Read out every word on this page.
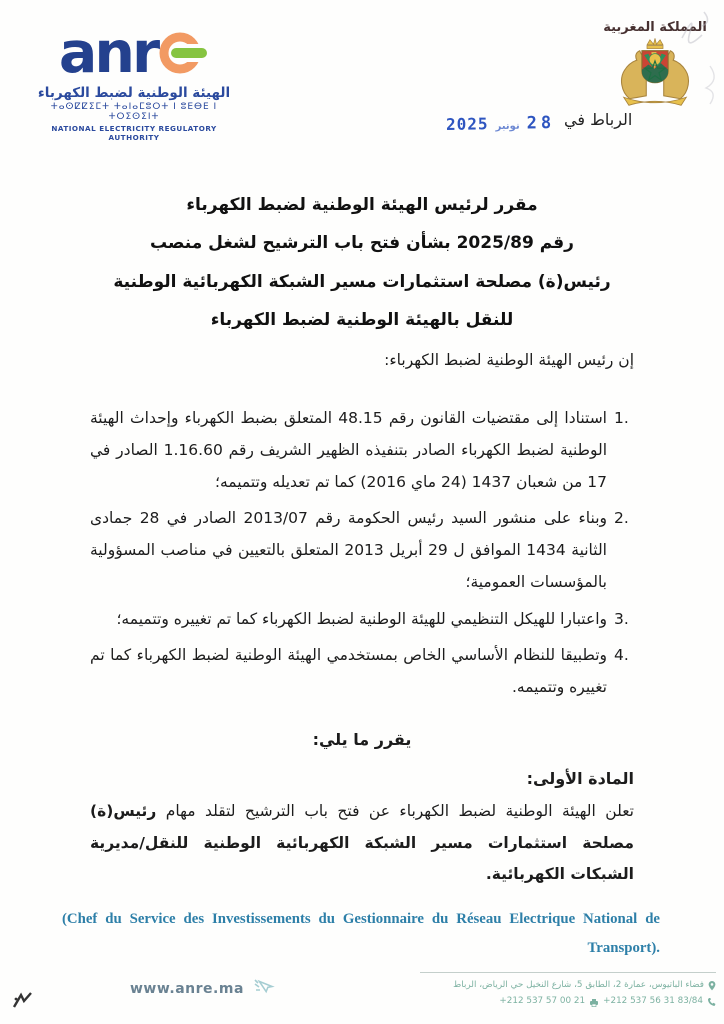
anr
الهيئة الوطنية لضبط الكهرباء
ⵜⴰⵙⵇⵇⵉⵎⵜ ⵜⴰⵏⴰⵎⵓⵔⵜ ⵏ ⵓⴹⴱⴹ ⵏ ⵜⵔⵉⵙⵉⵏⵜ
NATIONAL ELECTRICITY REGULATORY AUTHORITY
المملكة المغربية
الرباط في
28
نونبر
2025
مقرر لرئيس الهيئة الوطنية لضبط الكهرباء
رقم 2025/89 بشأن فتح باب الترشيح لشغل منصب
رئيس(ة) مصلحة استثمارات مسير الشبكة الكهربائية الوطنية للنقل بالهيئة الوطنية لضبط الكهرباء
إن رئيس الهيئة الوطنية لضبط الكهرباء:
1.
استنادا إلى مقتضيات القانون رقم 48.15 المتعلق بضبط الكهرباء وإحداث الهيئة الوطنية لضبط الكهرباء الصادر بتنفيذه الظهير الشريف رقم 1.16.60 الصادر في 17 من شعبان 1437 (24 ماي 2016) كما تم تعديله وتتميمه؛
2.
وبناء على منشور السيد رئيس الحكومة رقم 2013/07 الصادر في 28 جمادى الثانية 1434 الموافق ل 29 أبريل 2013 المتعلق بالتعيين في مناصب المسؤولية بالمؤسسات العمومية؛
3.
واعتبارا للهيكل التنظيمي للهيئة الوطنية لضبط الكهرباء كما تم تغييره وتتميمه؛
4.
وتطبيقا للنظام الأساسي الخاص بمستخدمي الهيئة الوطنية لضبط الكهرباء كما تم تغييره وتتميمه.
يقرر ما يلي:
المادة الأولى:

تعلن الهيئة الوطنية لضبط الكهرباء عن فتح باب الترشيح لتقلد مهام رئيس(ة) مصلحة استثمارات مسير الشبكة الكهربائية الوطنية للنقل/مديرية الشبكات الكهربائية.

(Chef du Service des Investissements du Gestionnaire du Réseau Electrique National de Transport).

www.anre.ma	فضاء الباتيوس، عمارة 2، الطابق 5، شارع النخيل حي الرياض، الرباط
+212 537 56 31 83/84
+212 537 57 00 21
